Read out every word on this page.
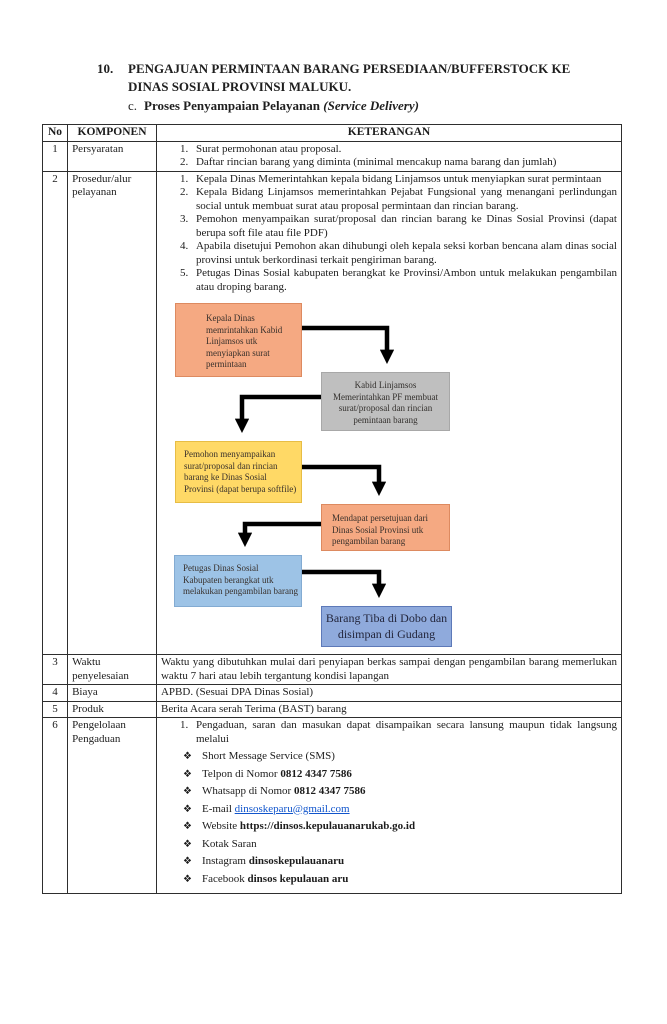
10.	PENGAJUAN PERMINTAAN BARANG PERSEDIAAN/BUFFERSTOCK KE
DINAS SOSIAL PROVINSI MALUKU.
c. Proses Penyampaian Pelayanan (Service Delivery)
No	KOMPONEN	KETERANGAN
1	Persyaratan	
1.Surat permohonan atau proposal.
2. Daftar rincian barang yang diminta (minimal mencakup nama barang dan jumlah)

2	Prosedur/alur pelayanan	
1. Kepala Dinas Memerintahkan kepala bidang Linjamsos untuk menyiapkan surat permintaan
2. Kepala Bidang Linjamsos memerintahkan Pejabat Fungsional yang menangani perlindungan social untuk membuat surat atau proposal permintaan dan rincian barang.
3. Pemohon menyampaikan surat/proposal dan rincian barang ke Dinas Sosial Provinsi (dapat berupa soft file atau file PDF)
4. Apabila disetujui Pemohon akan dihubungi oleh kepala seksi korban bencana alam dinas social provinsi untuk berkordinasi terkait pengiriman barang.
5. Petugas Dinas Sosial kabupaten berangkat ke Provinsi/Ambon untuk melakukan pengambilan atau droping barang.
Kepala Dinas memrintahkan Kabid Linjamsos utk menyiapkan surat permintaan
Kabid Linjamsos Memerintahkan PF membuat surat/proposal dan rincian pemintaan barang
Pemohon menyampaikan surat/proposal dan rincian barang ke Dinas Sosial Provinsi (dapat berupa softfile)
Mendapat persetujuan dari Dinas Sosial Provinsi utk pengambilan barang
Petugas Dinas Sosial Kabupaten berangkat utk melakukan pengambilan barang
Barang Tiba di Dobo dan disimpan di Gudang

3	Waktu penyelesaian	Waktu yang dibutuhkan mulai dari penyiapan berkas sampai dengan pengambilan barang memerlukan waktu 7 hari atau lebih tergantung kondisi lapangan
4	Biaya	APBD. (Sesuai DPA Dinas Sosial)
5	Produk	Berita Acara serah Terima (BAST) barang
6	Pengelolaan Pengaduan	
1. Pengaduan, saran dan masukan dapat disampaikan secara lansung maupun tidak langsung melalui
❖ Short Message Service (SMS)
❖ Telpon di Nomor 0812 4347 7586
❖ Whatsapp di Nomor 0812 4347 7586
❖ E-mail dinsoskeparu@gmail.com
❖ Website https://dinsos.kepulauanarukab.go.id
❖ Kotak Saran
❖ Instagram dinsoskepulauanaru
❖ Facebook dinsos kepulauan aru
